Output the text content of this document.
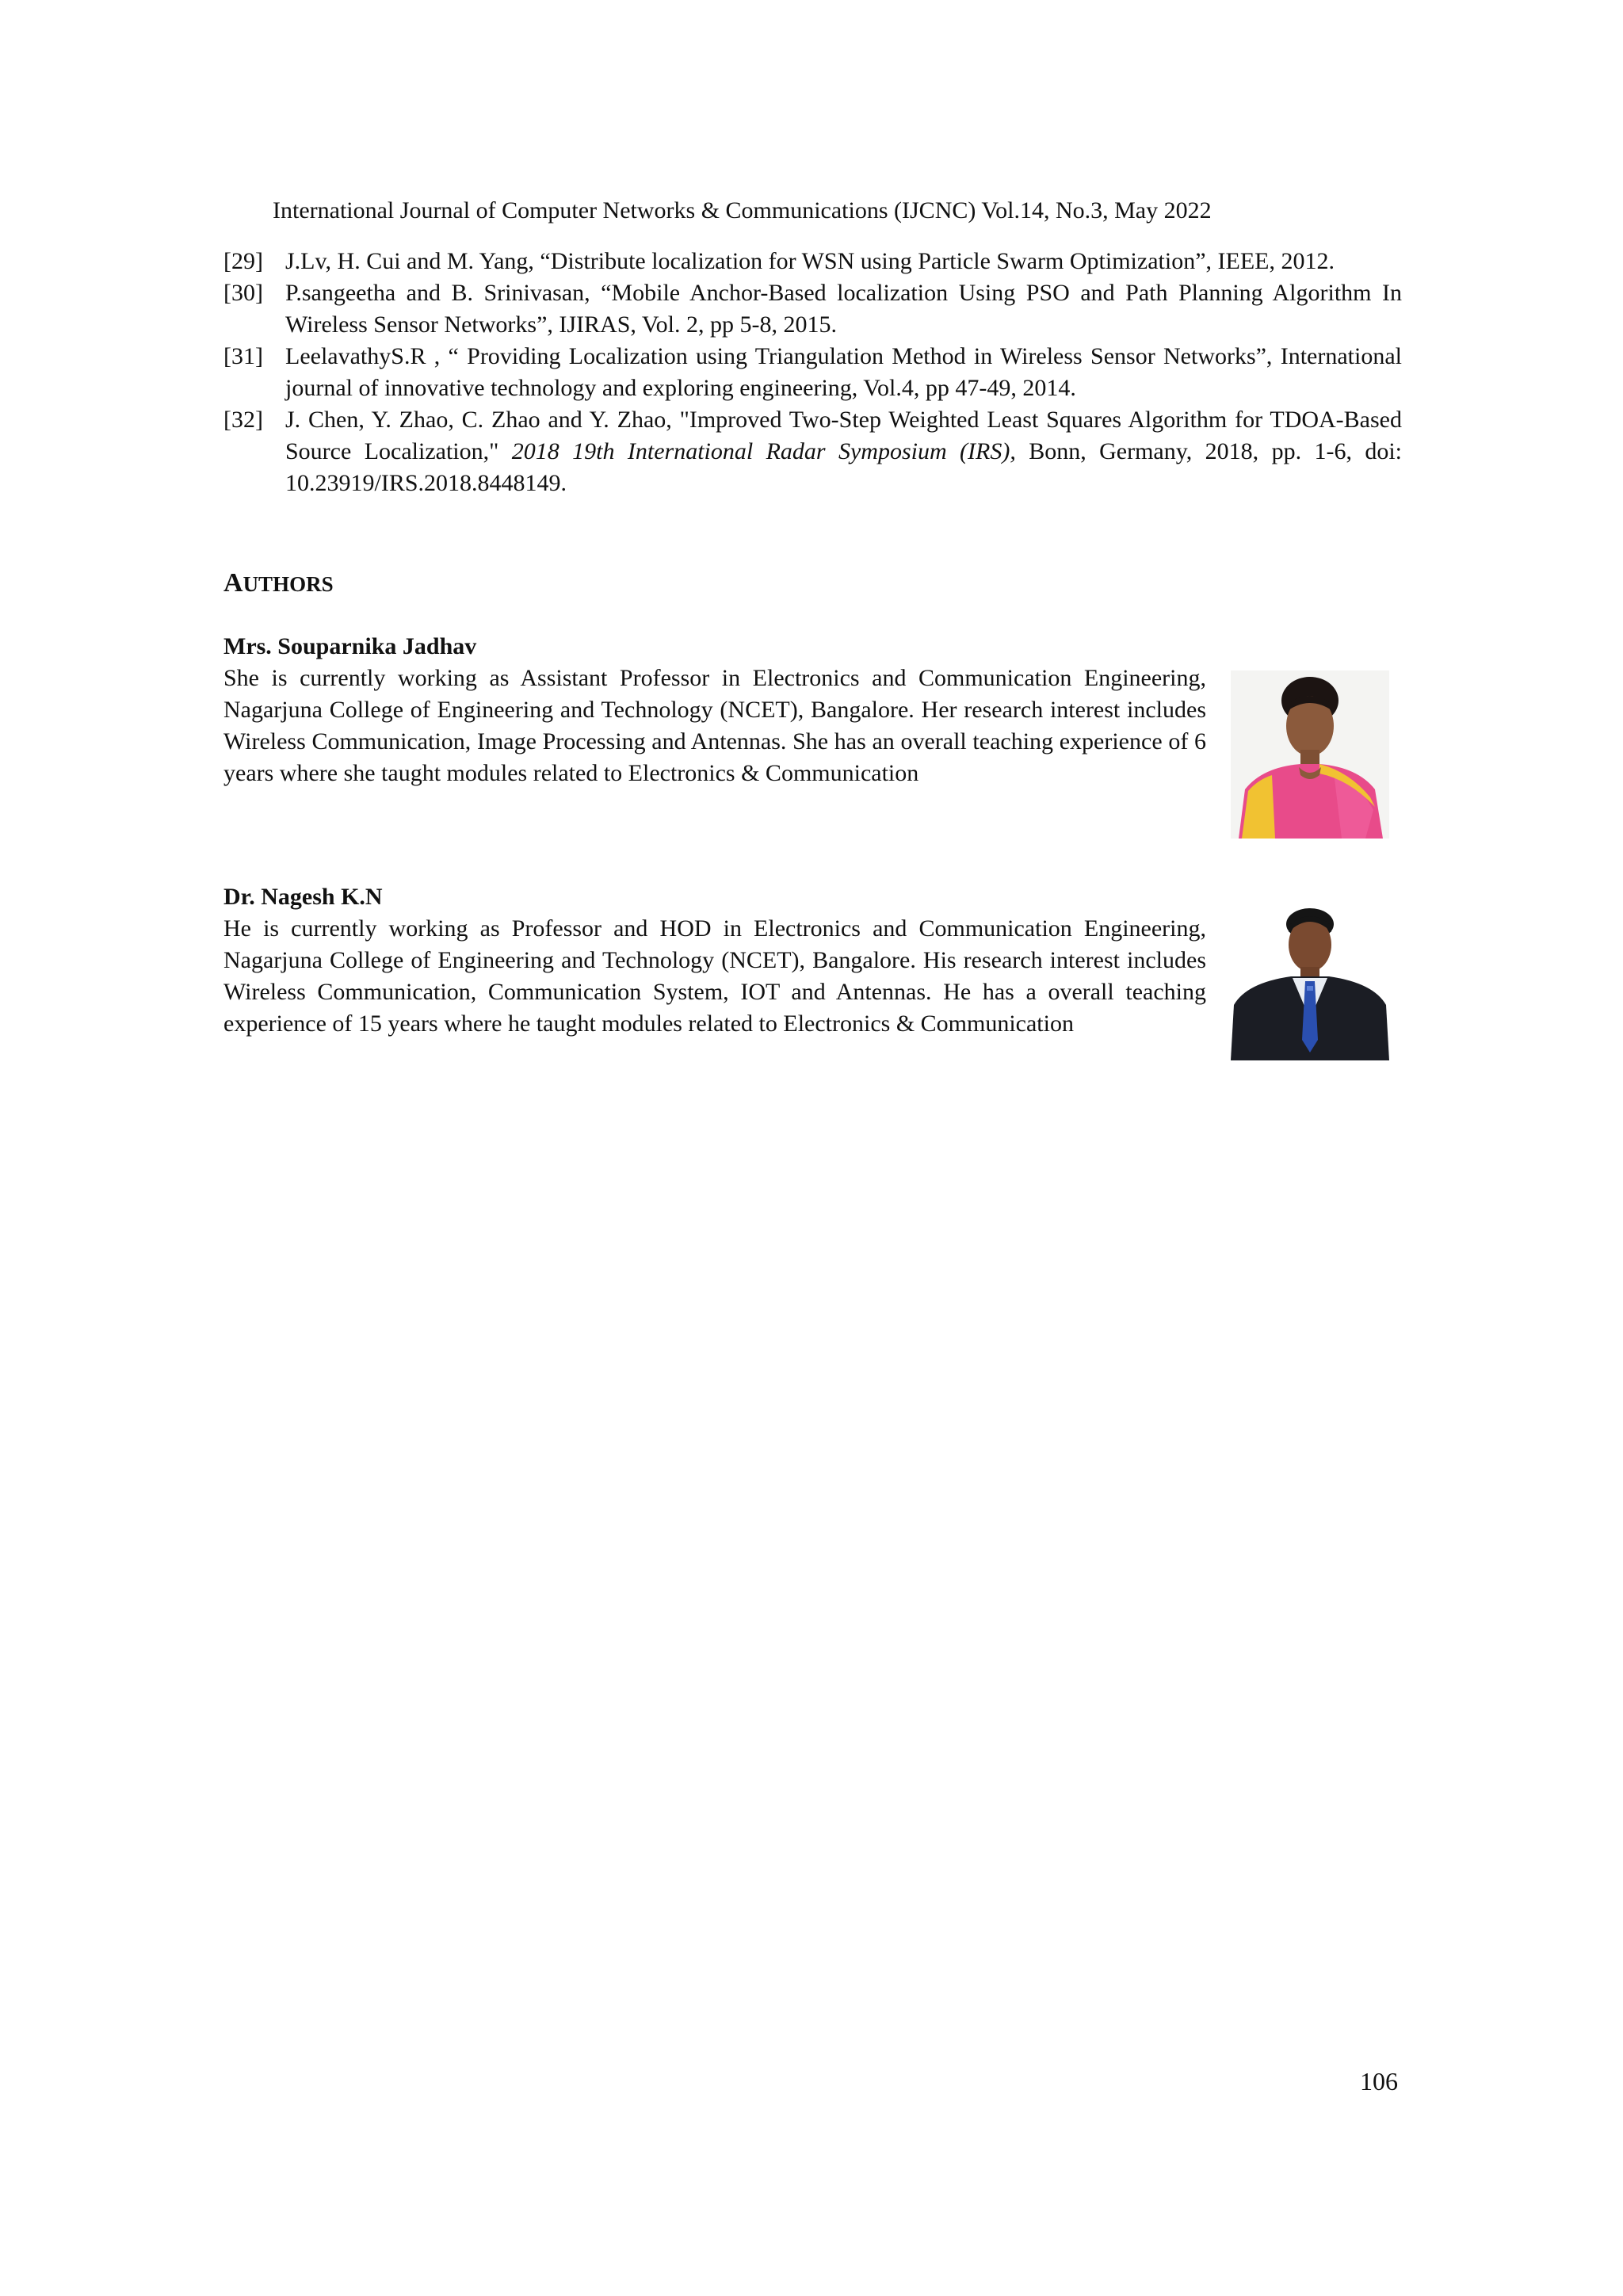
International Journal of Computer Networks & Communications (IJCNC) Vol.14, No.3, May 2022

[29] J.Lv, H. Cui and M. Yang, “Distribute localization for WSN using Particle Swarm Optimization”, IEEE, 2012.

[30] P.sangeetha and B. Srinivasan, “Mobile Anchor-Based localization Using PSO and Path Planning Algorithm In Wireless Sensor Networks”, IJIRAS, Vol. 2, pp 5-8, 2015.

[31] LeelavathyS.R , “ Providing Localization using Triangulation Method in Wireless Sensor Networks”, International journal of innovative technology and exploring engineering, Vol.4, pp 47-49, 2014.

[32] J. Chen, Y. Zhao, C. Zhao and Y. Zhao, "Improved Two-Step Weighted Least Squares Algorithm for TDOA-Based Source Localization," 2018 19th International Radar Symposium (IRS), Bonn, Germany, 2018, pp. 1-6, doi: 10.23919/IRS.2018.8448149.

AUTHORS
Mrs. Souparnika Jadhav

She is currently working as Assistant Professor in Electronics and Communication Engineering, Nagarjuna College of Engineering and Technology (NCET), Bangalore. Her research interest includes Wireless Communication, Image Processing and Antennas. She has an overall teaching experience of 6 years where she taught modules related to Electronics & Communication

Dr. Nagesh K.N

He is currently working as Professor and HOD in Electronics and Communication Engineering, Nagarjuna College of Engineering and Technology (NCET), Bangalore. His research interest includes Wireless Communication, Communication System, IOT and Antennas. He has a overall teaching experience of 15 years where he taught modules related to Electronics & Communication

106
